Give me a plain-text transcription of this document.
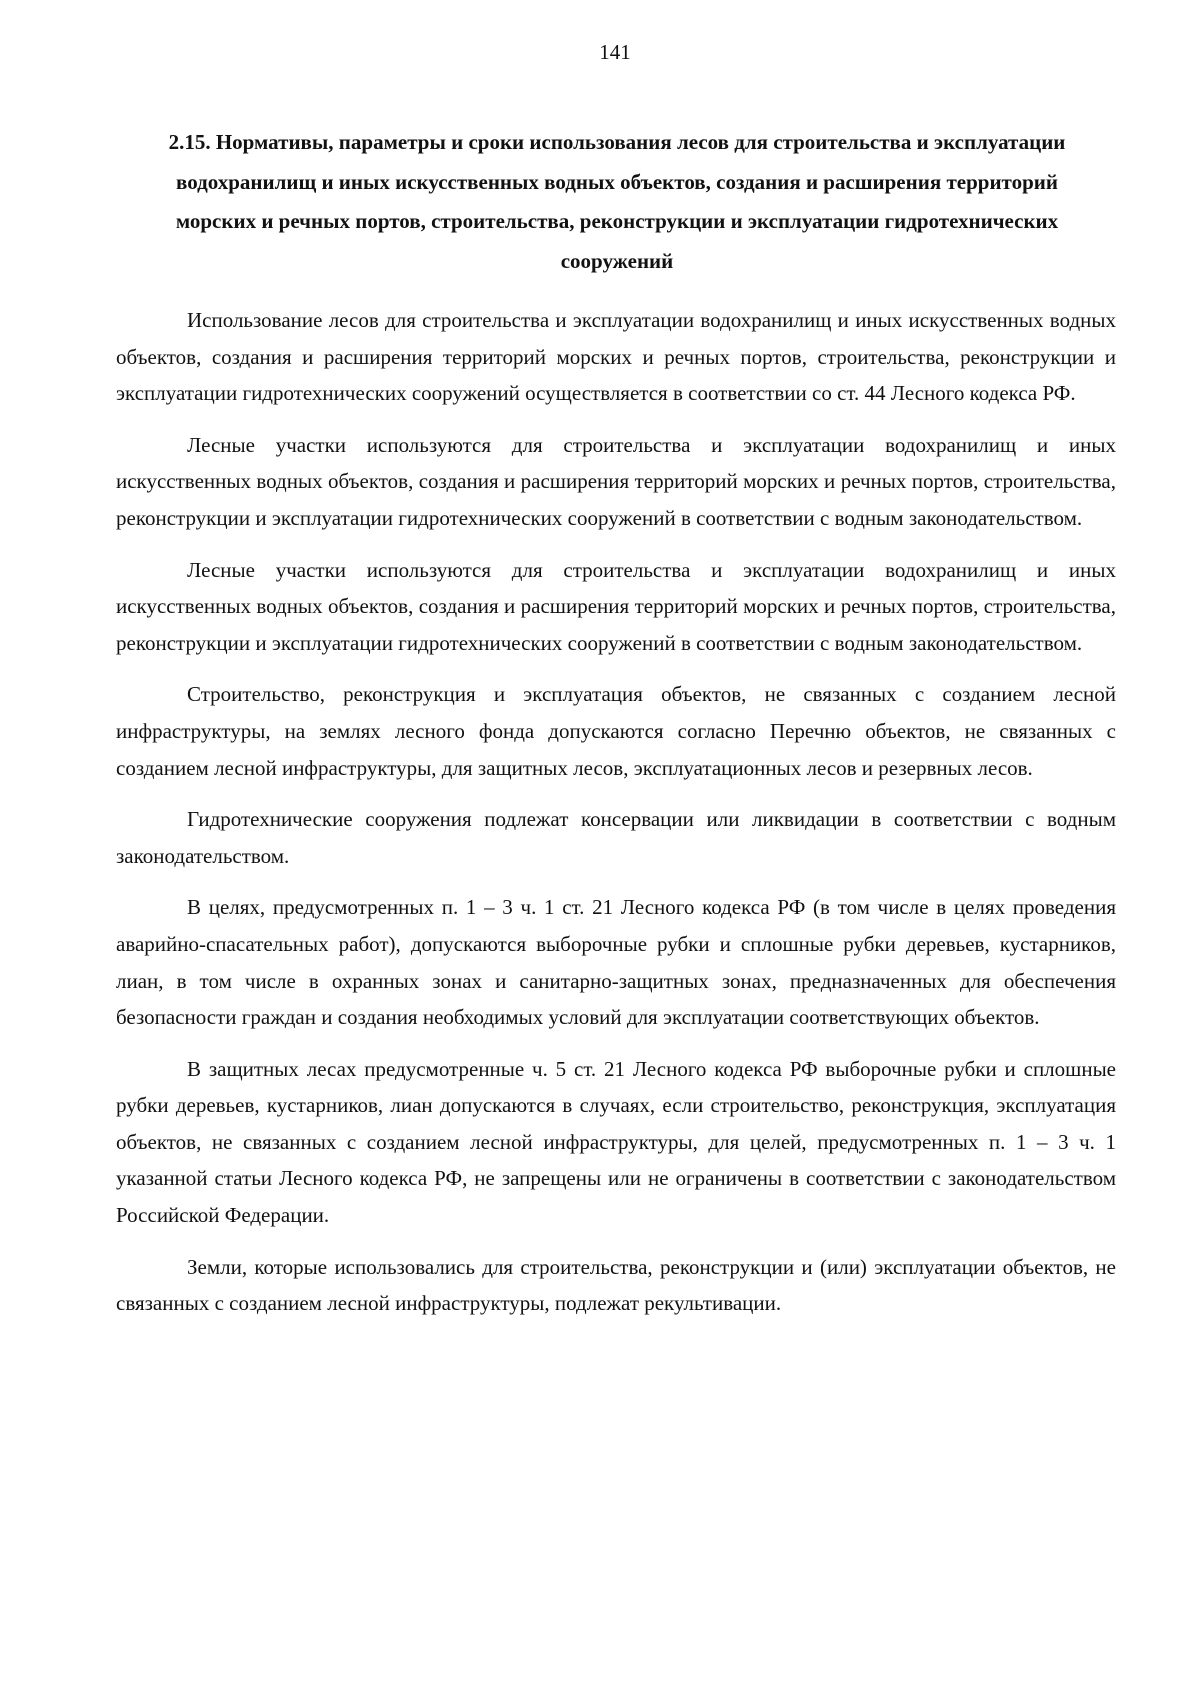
141
2.15. Нормативы, параметры и сроки использования лесов для строительства и эксплуатации водохранилищ и иных искусственных водных объектов, создания и расширения территорий морских и речных портов, строительства, реконструкции и эксплуатации гидротехнических сооружений

Использование лесов для строительства и эксплуатации водохранилищ и иных искусственных водных объектов, создания и расширения территорий морских и речных портов, строительства, реконструкции и эксплуатации гидротехнических сооружений осуществляется в соответствии со ст. 44 Лесного кодекса РФ.

Лесные участки используются для строительства и эксплуатации водохранилищ и иных искусственных водных объектов, создания и расширения территорий морских и речных портов, строительства, реконструкции и эксплуатации гидротехнических сооружений в соответствии с водным законодательством.

Лесные участки используются для строительства и эксплуатации водохранилищ и иных искусственных водных объектов, создания и расширения территорий морских и речных портов, строительства, реконструкции и эксплуатации гидротехнических сооружений в соответствии с водным законодательством.

Строительство, реконструкция и эксплуатация объектов, не связанных с созданием лесной инфраструктуры, на землях лесного фонда допускаются согласно Перечню объектов, не связанных с созданием лесной инфраструктуры, для защитных лесов, эксплуатационных лесов и резервных лесов.

Гидротехнические сооружения подлежат консервации или ликвидации в соответствии с водным законодательством.

В целях, предусмотренных п. 1 – 3 ч. 1 ст. 21 Лесного кодекса РФ (в том числе в целях проведения аварийно-спасательных работ), допускаются выборочные рубки и сплошные рубки деревьев, кустарников, лиан, в том числе в охранных зонах и санитарно-защитных зонах, предназначенных для обеспечения безопасности граждан и создания необходимых условий для эксплуатации соответствующих объектов.

В защитных лесах предусмотренные ч. 5 ст. 21 Лесного кодекса РФ выборочные рубки и сплошные рубки деревьев, кустарников, лиан допускаются в случаях, если строительство, реконструкция, эксплуатация объектов, не связанных с созданием лесной инфраструктуры, для целей, предусмотренных п. 1 – 3 ч. 1 указанной статьи Лесного кодекса РФ, не запрещены или не ограничены в соответствии с законодательством Российской Федерации.

Земли, которые использовались для строительства, реконструкции и (или) эксплуатации объектов, не связанных с созданием лесной инфраструктуры, подлежат рекультивации.
